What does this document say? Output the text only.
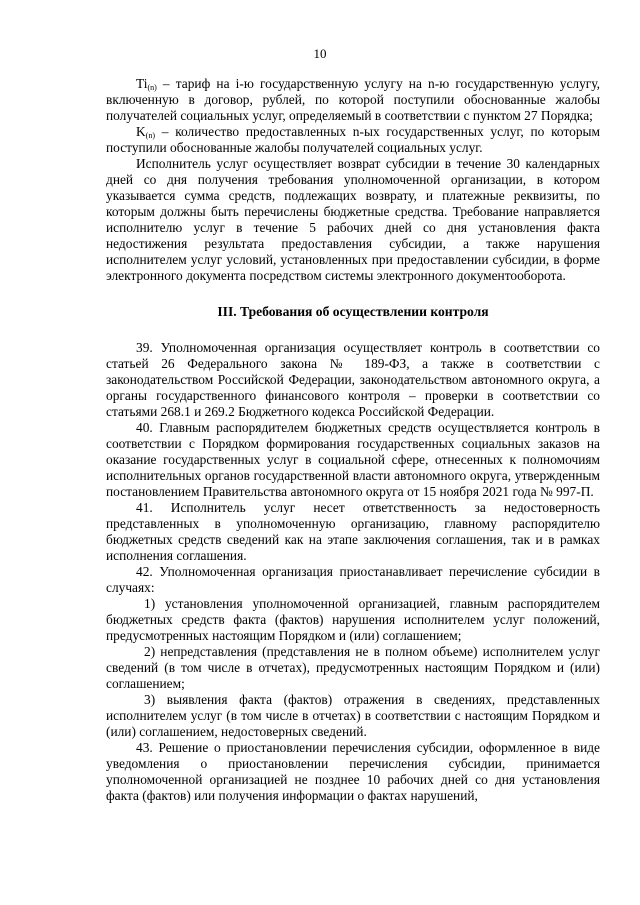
10

$Ti_{(n)}$ – тариф на i-ю государственную услугу на n-ю государственную услугу, включенную в договор, рублей, по которой поступили обоснованные жалобы получателей социальных услуг, определяемый в соответствии с пунктом 27 Порядка;

$K_{(n)}$ – количество предоставленных n-ых государственных услуг, по которым поступили обоснованные жалобы получателей социальных услуг.

Исполнитель услуг осуществляет возврат субсидии в течение 30 календарных дней со дня получения требования уполномоченной организации, в котором указывается сумма средств, подлежащих возврату, и платежные реквизиты, по которым должны быть перечислены бюджетные средства. Требование направляется исполнителю услуг в течение 5 рабочих дней со дня установления факта недостижения результата предоставления субсидии, а также нарушения исполнителем услуг условий, установленных при предоставлении субсидии, в форме электронного документа посредством системы электронного документооборота.

III. Требования об осуществлении контроля

39. Уполномоченная организация осуществляет контроль в соответствии со статьей 26 Федерального закона № 189-ФЗ, а также в соответствии с законодательством Российской Федерации, законодательством автономного округа, а органы государственного финансового контроля – проверки в соответствии со статьями 268.1 и 269.2 Бюджетного кодекса Российской Федерации.

40. Главным распорядителем бюджетных средств осуществляется контроль в соответствии с Порядком формирования государственных социальных заказов на оказание государственных услуг в социальной сфере, отнесенных к полномочиям исполнительных органов государственной власти автономного округа, утвержденным постановлением Правительства автономного округа от 15 ноября 2021 года № 997-П.

41. Исполнитель услуг несет ответственность за недостоверность представленных в уполномоченную организацию, главному распорядителю бюджетных средств сведений как на этапе заключения соглашения, так и в рамках исполнения соглашения.

42. Уполномоченная организация приостанавливает перечисление субсидии в случаях:

1) установления уполномоченной организацией, главным распорядителем бюджетных средств факта (фактов) нарушения исполнителем услуг положений, предусмотренных настоящим Порядком и (или) соглашением;

2) непредставления (представления не в полном объеме) исполнителем услуг сведений (в том числе в отчетах), предусмотренных настоящим Порядком и (или) соглашением;

3) выявления факта (фактов) отражения в сведениях, представленных исполнителем услуг (в том числе в отчетах) в соответствии с настоящим Порядком и (или) соглашением, недостоверных сведений.

43. Решение о приостановлении перечисления субсидии, оформленное в виде уведомления о приостановлении перечисления субсидии, принимается уполномоченной организацией не позднее 10 рабочих дней со дня установления факта (фактов) или получения информации о фактах нарушений,
